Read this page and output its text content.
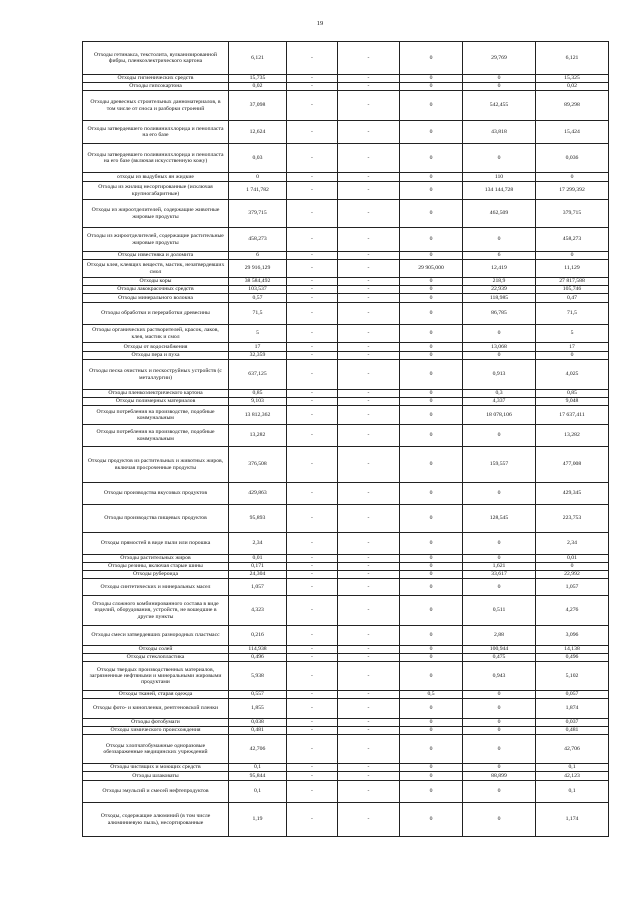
19
Отходы гетинакса, текстолита, вулканизированной фибры, пленкоэлектрического картона	6,121	-	-	0	29,769	6,121	
Отходы гигиенических средств	15,735	-	-	0	0	15,325	
Отходы гипсокартона	0,02	-	-	0	0	0,02	
Отходы древесных строительных данноматериалов, в том числе от сноса и разборки строений	37,098	-	-	0	542,455	89,298	
Отходы затвердевшего поливинилхлорида и пенопласта на его базе	12,624	-	-	0	43,818	15,424	
Отходы затвердевшего поливинилхлорида и пенопласта на его базе (включая искусственную кожу)	0,03	-	-	0	0	0,036	
отходы из выдубных ян жидкие	0	-	-	0	110	0	
Отходы из жилищ несортированные (исключая крупногабаритные)	1 741,782	-	-	0	134 144,728	17 299,392	
Отходы из жироотделителей, содержащие животные жировые продукты	379,715	-	-	0	462,509	379,715	
Отходы из жироотделителей, содержащие растительные жировые продукты	458,273	-	-	0	0	458,273	
Отходы известняка и доломита	6	-	-	0	6	0	
Отходы клея, клеящих веществ, мастик, незатвердевших смол	29 916,129	-	-	29 905,000	12,419	11,129	
Отходы коры	38 584,492	-	-	0	218,9	27 817,588	
Отходы лакокрасочных средств	103,537	-	-	0	22,939	105,746	
Отходы минерального волокна	0,57	-	-	0	118,985	0,47	
Отходы обработки и переработки древесины	71,5	-	-	0	86,785	71,5	
Отходы органических растворителей, красок, лаков, клея, мастик и смол	5	-	-	0	0	5	
Отходы от водоснабжения	17	-	-	0	13,068	17	
Отходы пера и пуха	32,359	-	-	0	0	0	
Отходы песка очистных и пескоструйных устройств (с металлургии)	637,125	-	-	0	0,913	4,025	
Отходы пленкоэлектрического картона	0,85	-	-	0	0,3	0,85	
Отходы полимерных материалов	9,103	-	-	0	4,337	9,048	
Отходы потребления на производстве, подобные коммунальным	13 812,362	-	-	0	18 078,106	17 637,411	
Отходы потребления на производстве, подобные коммунальным	13,282	-	-	0	0	13,282	
Отходы продуктов из растительных и животных жиров, включая просроченные продукты	376,508	-	-	0	159,557	477,008	
Отходы производства вкусовых продуктов	429,863	-	-	0	0	429,345	
Отходы производства пищевых продуктов	95,893	-	-	0	128,545	223,753	
Отходы прямостей в виде пыли или порошка	2,34	-	-	0	0	2,34	
Отходы растительных жиров	0,01	-	-	0	0	0,01	
Отходы резины, включая старые шины	0,171	-	-	0	1,621	0	
Отходы рубероида	24,304	-	-	0	33,617	22,992	
Отходы синтетических и минеральных масел	1,057	-	-	0	0	1,057	
Отходы сложного комбинированного состава в виде изделий, оборудования, устройств, не вошедшие в другие пункты	4,323	-	-	0	0,511	4,276	
Отходы смеси затвердевших разнородных пластмасс	0,216	-	-	0	2,88	3,096	
Отходы солей	114,938	-	-	0	100,944	14,138	
Отходы стеклопластика	0,496	-	-	0	0,475	0,496	
Отходы твердых производственных материалов, загрязненные нефтяными и минеральными жировыми продуктами	5,938	-	-	0	0,943	5,102	
Отходы тканей, старая одежда	0,557	-	-	0,5	0	0,057	
Отходы фото- и кинопленки, рентгеновской пленки	1,855	-	-	0	0	1,874	
Отходы фотобумаги	0,038	-	-	0	0	0,037	
Отходы химического происхождения	0,481	-	-	0	0	0,481	
Отходы хлопчатобумажные одноразовые обеззараженные медицинских учреждений	42,706	-	-	0	0	42,706	
Отходы чистящих и моющих средств	0,1	-	-	0	0	0,1	
Отходы шлаковаты	95,844	-	-	0	88,899	42,123	
Отходы эмульсий и смесей нефтепродуктов	0,1	-	-	0	0	0,1	
Отходы, содержащие алюминий (в том числе алюминиевую пыль), несортированные	1,19	-	-	0	0	1,174	
